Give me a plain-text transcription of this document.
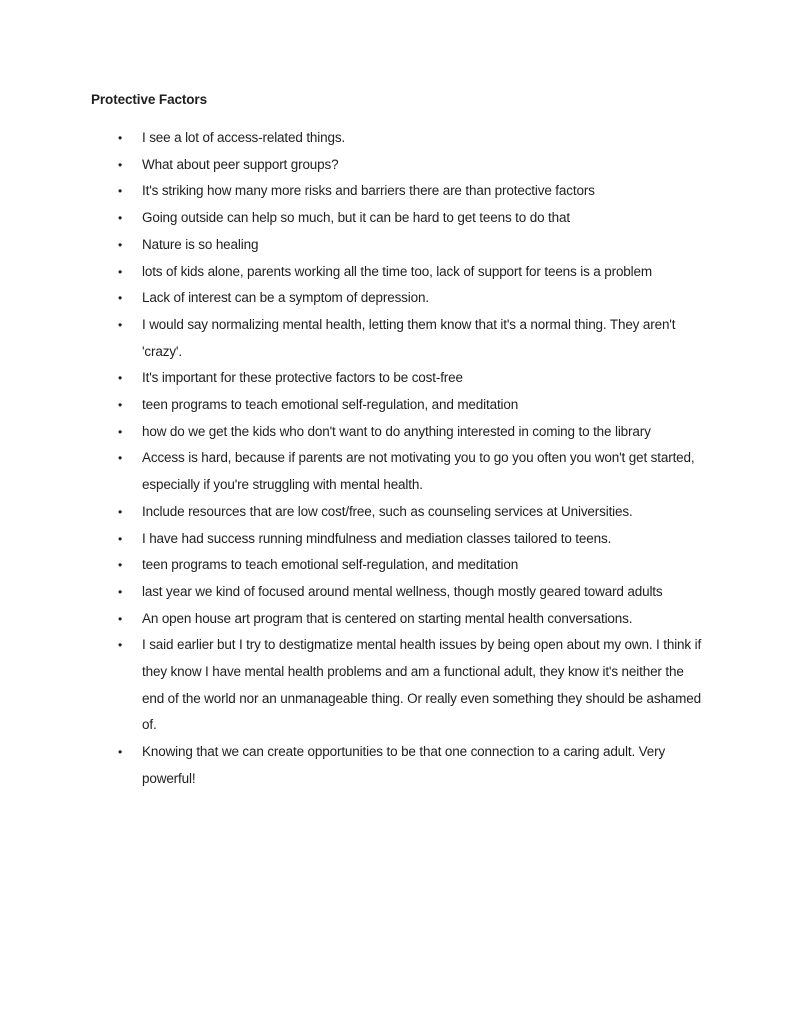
Protective Factors

• I see a lot of access-related things.
• What about peer support groups?
• It's striking how many more risks and barriers there are than protective factors
• Going outside can help so much, but it can be hard to get teens to do that
• Nature is so healing
• lots of kids alone, parents working all the time too, lack of support for teens is a problem
• Lack of interest can be a symptom of depression.
• I would say normalizing mental health, letting them know that it's a normal thing. They aren't 'crazy'.
• It's important for these protective factors to be cost-free
• teen programs to teach emotional self-regulation, and meditation
• how do we get the kids who don't want to do anything interested in coming to the library
• Access is hard, because if parents are not motivating you to go you often you won't get started, especially if you're struggling with mental health.
• Include resources that are low cost/free, such as counseling services at Universities.
• I have had success running mindfulness and mediation classes tailored to teens.
• teen programs to teach emotional self-regulation, and meditation
• last year we kind of focused around mental wellness, though mostly geared toward adults
• An open house art program that is centered on starting mental health conversations.
• I said earlier but I try to destigmatize mental health issues by being open about my own. I think if they know I have mental health problems and am a functional adult, they know it's neither the end of the world nor an unmanageable thing. Or really even something they should be ashamed of.
• Knowing that we can create opportunities to be that one connection to a caring adult. Very powerful!
